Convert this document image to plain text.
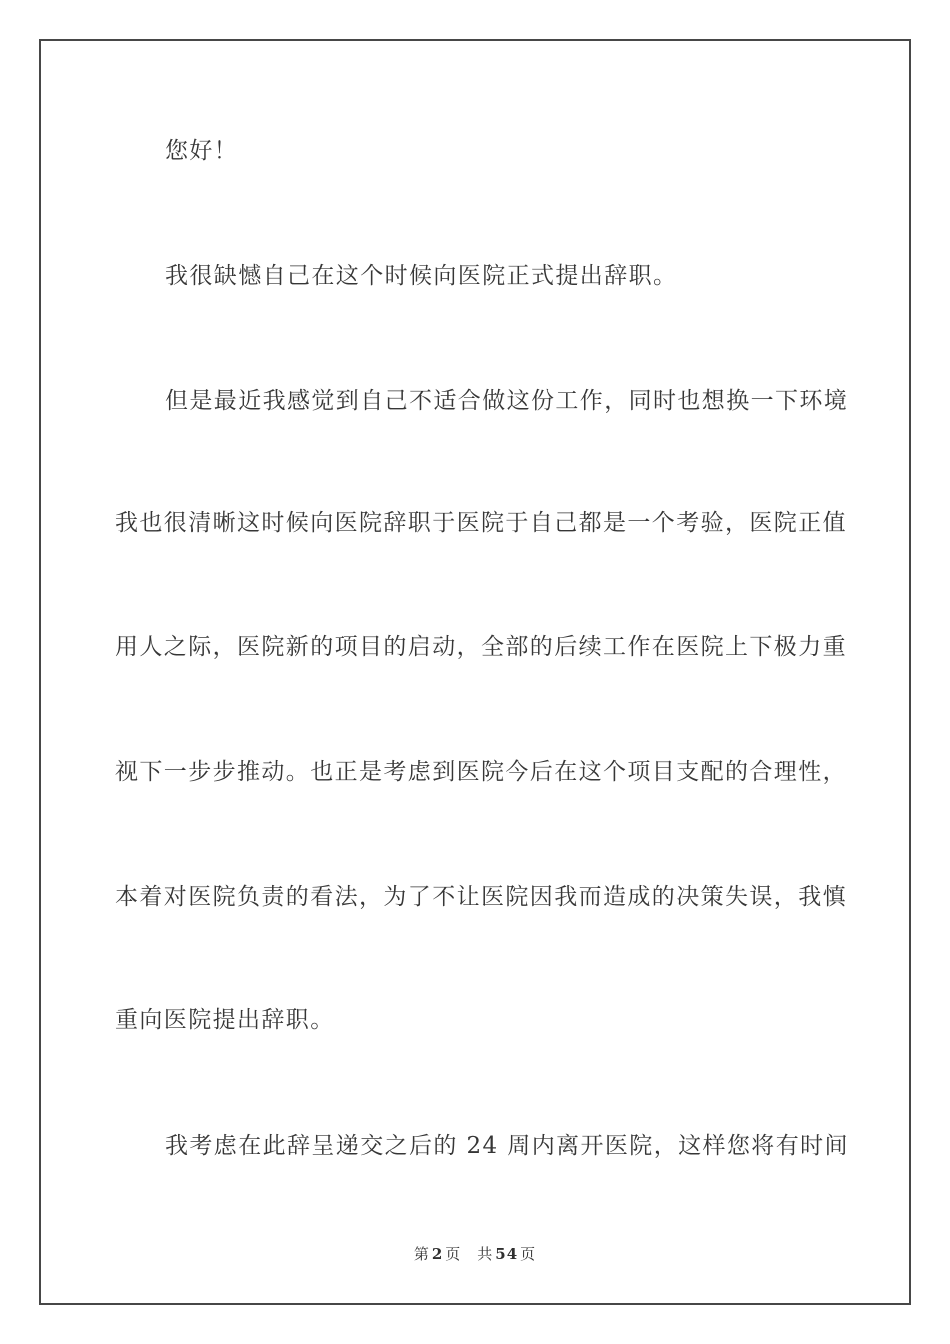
您好！
我很缺憾自己在这个时候向医院正式提出辞职。
但是最近我感觉到自己不适合做这份工作，同时也想换一下环境
我也很清晰这时候向医院辞职于医院于自己都是一个考验，医院正值
用人之际，医院新的项目的启动，全部的后续工作在医院上下极力重
视下一步步推动。也正是考虑到医院今后在这个项目支配的合理性，
本着对医院负责的看法，为了不让医院因我而造成的决策失误，我慎
重向医院提出辞职。
我考虑在此辞呈递交之后的 24 周内离开医院，这样您将有时间
第 2 页 共 54 页
